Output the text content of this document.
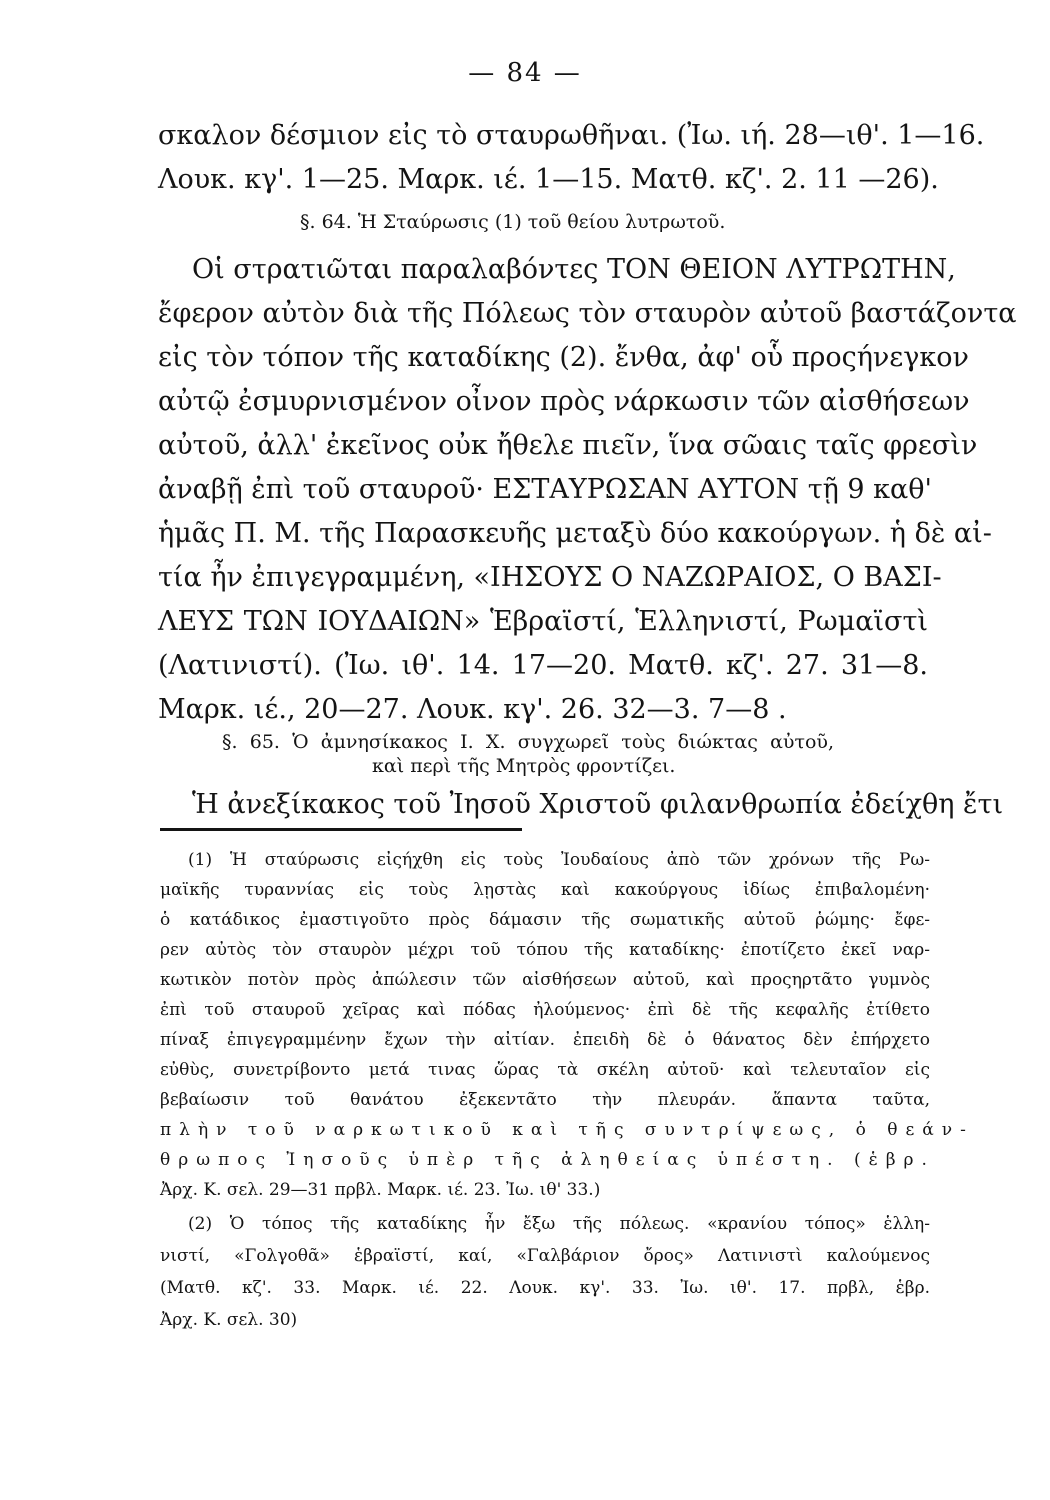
— 84 —
σκαλον δέσμιον εἰς τὸ σταυρωθῆναι. (Ἰω. ιή. 28—ιθ'. 1—16.
Λουκ. κγ'. 1—25. Μαρκ. ιέ. 1—15. Ματθ. κζ'. 2. 11 —26).
§. 64. Ἡ Σταύρωσις (1) τοῦ θείου λυτρωτοῦ.
Οἱ στρατιῶται παραλαβόντες ΤΟΝ ΘΕΙΟΝ ΛΥΤΡΩΤΗΝ,
ἔφερον αὐτὸν διὰ τῆς Πόλεως τὸν σταυρὸν αὐτοῦ βαστάζοντα
εἰς τὸν τόπον τῆς καταδίκης (2). ἔνθα, ἀφ' οὗ προςήνεγκον
αὐτῷ ἐσμυρνισμένον οἶνον πρὸς νάρκωσιν τῶν αἰσθήσεων
αὐτοῦ, ἀλλ' ἐκεῖνος οὐκ ἤθελε πιεῖν, ἵνα σῶαις ταῖς φρεσὶν
ἀναβῇ ἐπὶ τοῦ σταυροῦ· ΕΣΤΑΥΡΩΣΑΝ ΑΥΤΟΝ τῇ 9 καθ'
ἡμᾶς Π. Μ. τῆς Παρασκευῆς μεταξὺ δύο κακούργων. ἡ δὲ αἰ-
τία ἦν ἐπιγεγραμμένη, «ΙΗΣΟΥΣ Ο ΝΑΖΩΡΑΙΟΣ, Ο ΒΑΣΙ-
ΛΕΥΣ ΤΩΝ ΙΟΥΔΑΙΩΝ» Ἑβραϊστί, Ἑλληνιστί, Ρωμαϊστὶ
(Λατινιστί). (Ἰω. ιθ'. 14. 17—20. Ματθ. κζ'. 27. 31—8.
Μαρκ. ιέ., 20—27. Λουκ. κγ'. 26. 32—3. 7—8 .
§. 65. Ὁ ἀμνησίκακος Ι. Χ. συγχωρεῖ τοὺς διώκτας αὐτοῦ,
καὶ περὶ τῆς Μητρὸς φροντίζει.
Ἡ ἀνεξίκακος τοῦ Ἰησοῦ Χριστοῦ φιλανθρωπία ἐδείχθη ἔτι
(1) Ἡ σταύρωσις εἰςήχθη εἰς τοὺς Ἰουδαίους ἀπὸ τῶν χρόνων τῆς Ρω-
μαϊκῆς τυραννίας εἰς τοὺς λῃστὰς καὶ κακούργους ἰδίως ἐπιβαλομένη·
ὁ κατάδικος ἐμαστιγοῦτο πρὸς δάμασιν τῆς σωματικῆς αὐτοῦ ῥώμης· ἔφε-
ρεν αὐτὸς τὸν σταυρὸν μέχρι τοῦ τόπου τῆς καταδίκης· ἐποτίζετο ἐκεῖ ναρ-
κωτικὸν ποτὸν πρὸς ἀπώλεσιν τῶν αἰσθήσεων αὐτοῦ, καὶ προςηρτᾶτο γυμνὸς
ἐπὶ τοῦ σταυροῦ χεῖρας καὶ πόδας ἠλούμενος· ἐπὶ δὲ τῆς κεφαλῆς ἐτίθετο
πίναξ ἐπιγεγραμμένην ἔχων τὴν αἰτίαν. ἐπειδὴ δὲ ὁ θάνατος δὲν ἐπήρχετο
εὐθὺς, συνετρίβοντο μετά τινας ὥρας τὰ σκέλη αὐτοῦ· καὶ τελευταῖον εἰς
βεβαίωσιν τοῦ θανάτου ἐξεκεντᾶτο τὴν πλευράν. ἅπαντα ταῦτα,
πλὴν τοῦ ναρκωτικοῦ καὶ τῆς συντρίψεως, ὁ θεάν-
θρωπος Ἰησοῦς ὑπὲρ τῆς ἀληθείας ὑπέστη. (ἑβρ.
Ἀρχ. Κ. σελ. 29—31 πρβλ. Μαρκ. ιέ. 23. Ἰω. ιθ' 33.)
(2) Ὁ τόπος τῆς καταδίκης ἦν ἔξω τῆς πόλεως. «κρανίου τόπος» ἑλλη-
νιστί, «Γολγοθᾶ» ἑβραϊστί, καί, «Γαλβάριον ὄρος» Λατινιστὶ καλούμενος
(Ματθ. κζ'. 33. Μαρκ. ιέ. 22. Λουκ. κγ'. 33. Ἰω. ιθ'. 17. πρβλ, ἑβρ.
Ἀρχ. Κ. σελ. 30)
